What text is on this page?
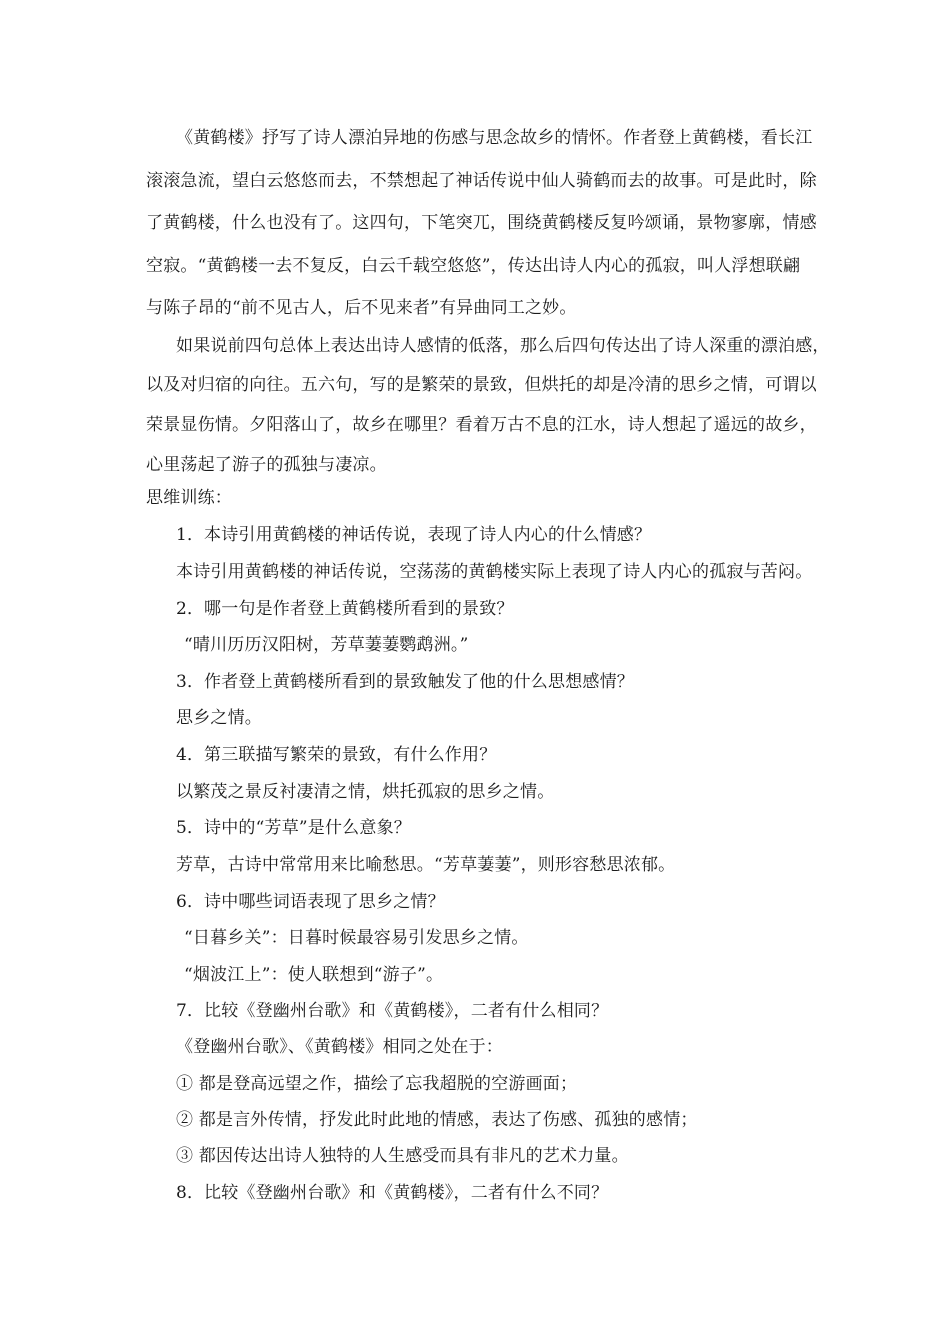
《黄鹤楼》抒写了诗人漂泊异地的伤感与思念故乡的情怀。作者登上黄鹤楼，看长江
滚滚急流，望白云悠悠而去，不禁想起了神话传说中仙人骑鹤而去的故事。可是此时，除
了黄鹤楼，什么也没有了。这四句，下笔突兀，围绕黄鹤楼反复吟颂诵，景物寥廓，情感
空寂。“黄鹤楼一去不复反，白云千载空悠悠”，传达出诗人内心的孤寂，叫人浮想联翩
与陈子昂的“前不见古人，后不见来者”有异曲同工之妙。
如果说前四句总体上表达出诗人感情的低落，那么后四句传达出了诗人深重的漂泊感，
以及对归宿的向往。五六句，写的是繁荣的景致，但烘托的却是冷清的思乡之情，可谓以
荣景显伤情。夕阳落山了，故乡在哪里？看着万古不息的江水，诗人想起了遥远的故乡，
心里荡起了游子的孤独与凄凉。
思维训练：
1．本诗引用黄鹤楼的神话传说，表现了诗人内心的什么情感？
本诗引用黄鹤楼的神话传说，空荡荡的黄鹤楼实际上表现了诗人内心的孤寂与苦闷。
2．哪一句是作者登上黄鹤楼所看到的景致？
“晴川历历汉阳树，芳草萋萋鹦鹉洲。”
3．作者登上黄鹤楼所看到的景致触发了他的什么思想感情？
思乡之情。
4．第三联描写繁荣的景致，有什么作用？
以繁茂之景反衬凄清之情，烘托孤寂的思乡之情。
5．诗中的“芳草”是什么意象？
芳草，古诗中常常用来比喻愁思。“芳草萋萋”，则形容愁思浓郁。
6．诗中哪些词语表现了思乡之情？
“日暮乡关”：日暮时候最容易引发思乡之情。
“烟波江上”：使人联想到“游子”。
7．比较《登幽州台歌》和《黄鹤楼》，二者有什么相同？
《登幽州台歌》、《黄鹤楼》相同之处在于：
① 都是登高远望之作，描绘了忘我超脱的空游画面；
② 都是言外传情，抒发此时此地的情感，表达了伤感、孤独的感情；
③ 都因传达出诗人独特的人生感受而具有非凡的艺术力量。
8．比较《登幽州台歌》和《黄鹤楼》，二者有什么不同？
